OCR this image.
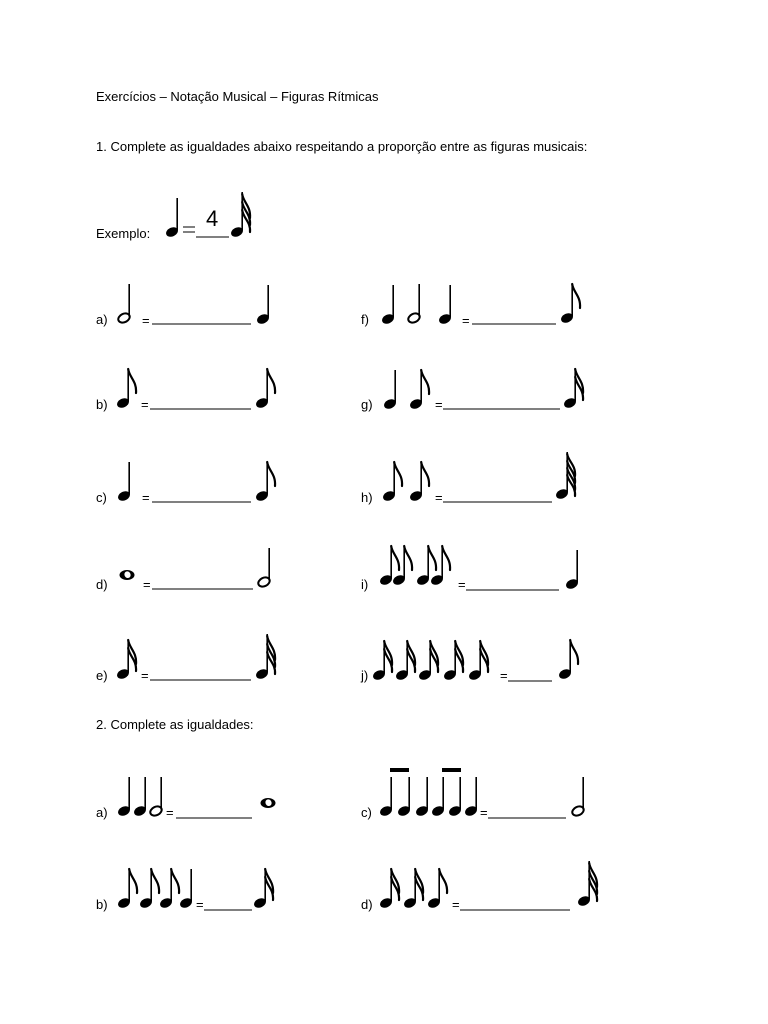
Exercícios – Notação Musical – Figuras Rítmicas
1. Complete as igualdades abaixo respeitando a proporção entre as figuras musicais:
Exemplo:
4
a)
b)
c)
d)
e)
f)
g)
h)
i)
j)
=
=
=
=
=
=
=
=
=
=
2. Complete as igualdades:
a)
b)
c)
d)
=
=
=
=
